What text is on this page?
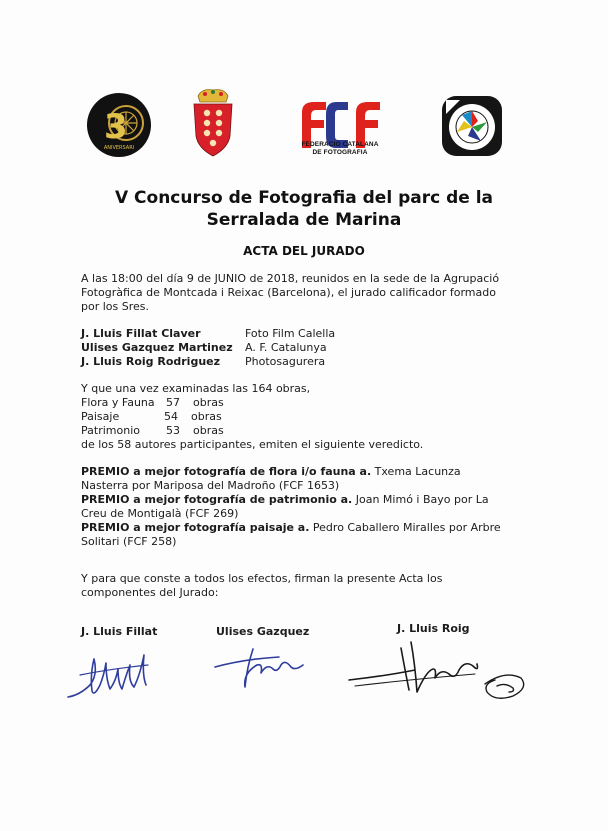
3
ANIVERSARI	FEDERACIÓ CATALANA
DE FOTOGRAFIA
V Concurso de Fotografia del parc de la
Serralada de Marina
ACTA DEL JURADO
A las 18:00 del día 9 de JUNIO de 2018, reunidos en la sede de la Agrupació
Fotogràfica de Montcada i Reixac (Barcelona), el jurado calificador formado
por los Sres.
J. Lluis Fillat Claver	Foto Film Calella
Ulises Gazquez Martinez A. F. Catalunya
J. Lluis Roig Rodriguez Photosagurera
Y que una vez examinadas las 164 obras,
Flora y Fauna 57 obras
Paisaje	54 obras
Patrimonio 53 obras
de los 58 autores participantes, emiten el siguiente veredicto.
PREMIO a mejor fotografía de flora i/o fauna a. Txema Lacunza
Nasterra por Mariposa del Madroño (FCF 1653)
PREMIO a mejor fotografía de patrimonio a. Joan Mimó i Bayo por La
Creu de Montigalà (FCF 269)
PREMIO a mejor fotografía paisaje a. Pedro Caballero Miralles por Arbre
Solitari (FCF 258)
Y para que conste a todos los efectos, firman la presente Acta los
componentes del Jurado:
J. Lluis Fillat	Ulises Gazquez	J. Lluis Roig
